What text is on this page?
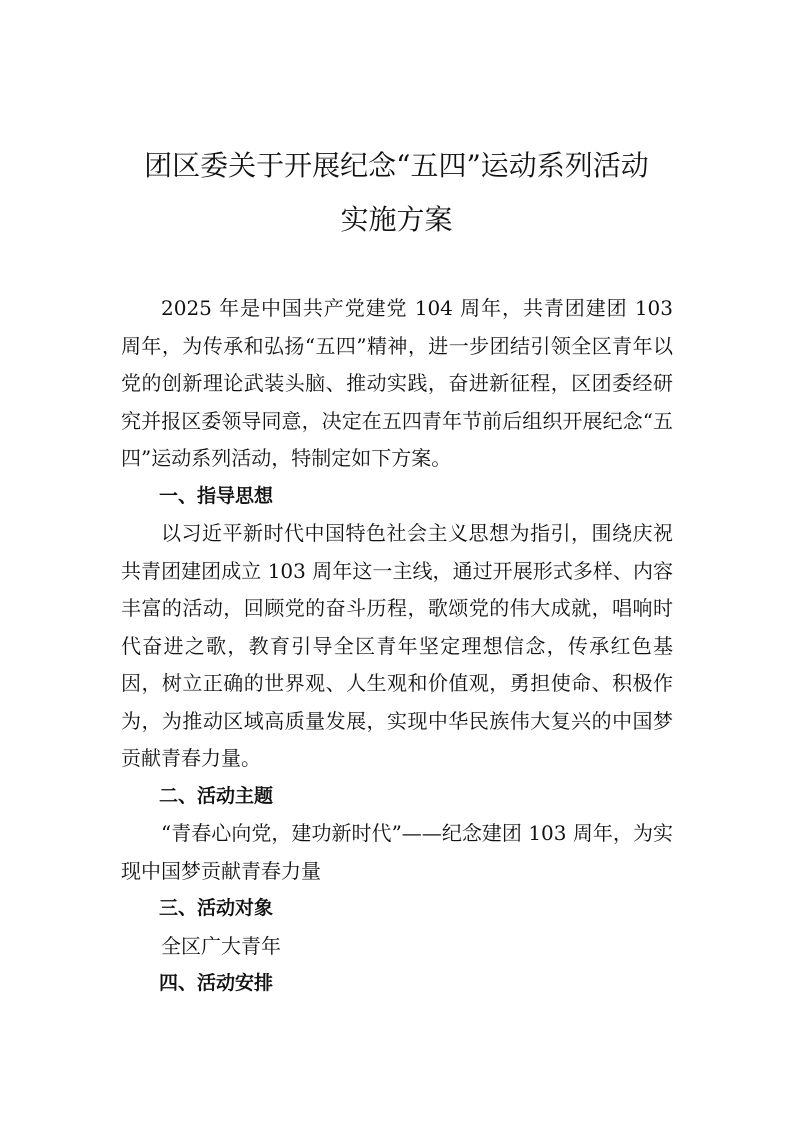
团区委关于开展纪念“五四”运动系列活动
实施方案

2025 年是中国共产党建党 104 周年，共青团建团 103 周年，为传承和弘扬“五四”精神，进一步团结引领全区青年以党的创新理论武装头脑、推动实践，奋进新征程，区团委经研究并报区委领导同意，决定在五四青年节前后组织开展纪念“五四”运动系列活动，特制定如下方案。

一、指导思想

以习近平新时代中国特色社会主义思想为指引，围绕庆祝共青团建团成立 103 周年这一主线，通过开展形式多样、内容丰富的活动，回顾党的奋斗历程，歌颂党的伟大成就，唱响时代奋进之歌，教育引导全区青年坚定理想信念，传承红色基因，树立正确的世界观、人生观和价值观，勇担使命、积极作为，为推动区域高质量发展，实现中华民族伟大复兴的中国梦贡献青春力量。

二、活动主题

“青春心向党，建功新时代”——纪念建团 103 周年，为实现中国梦贡献青春力量

三、活动对象

全区广大青年

四、活动安排
